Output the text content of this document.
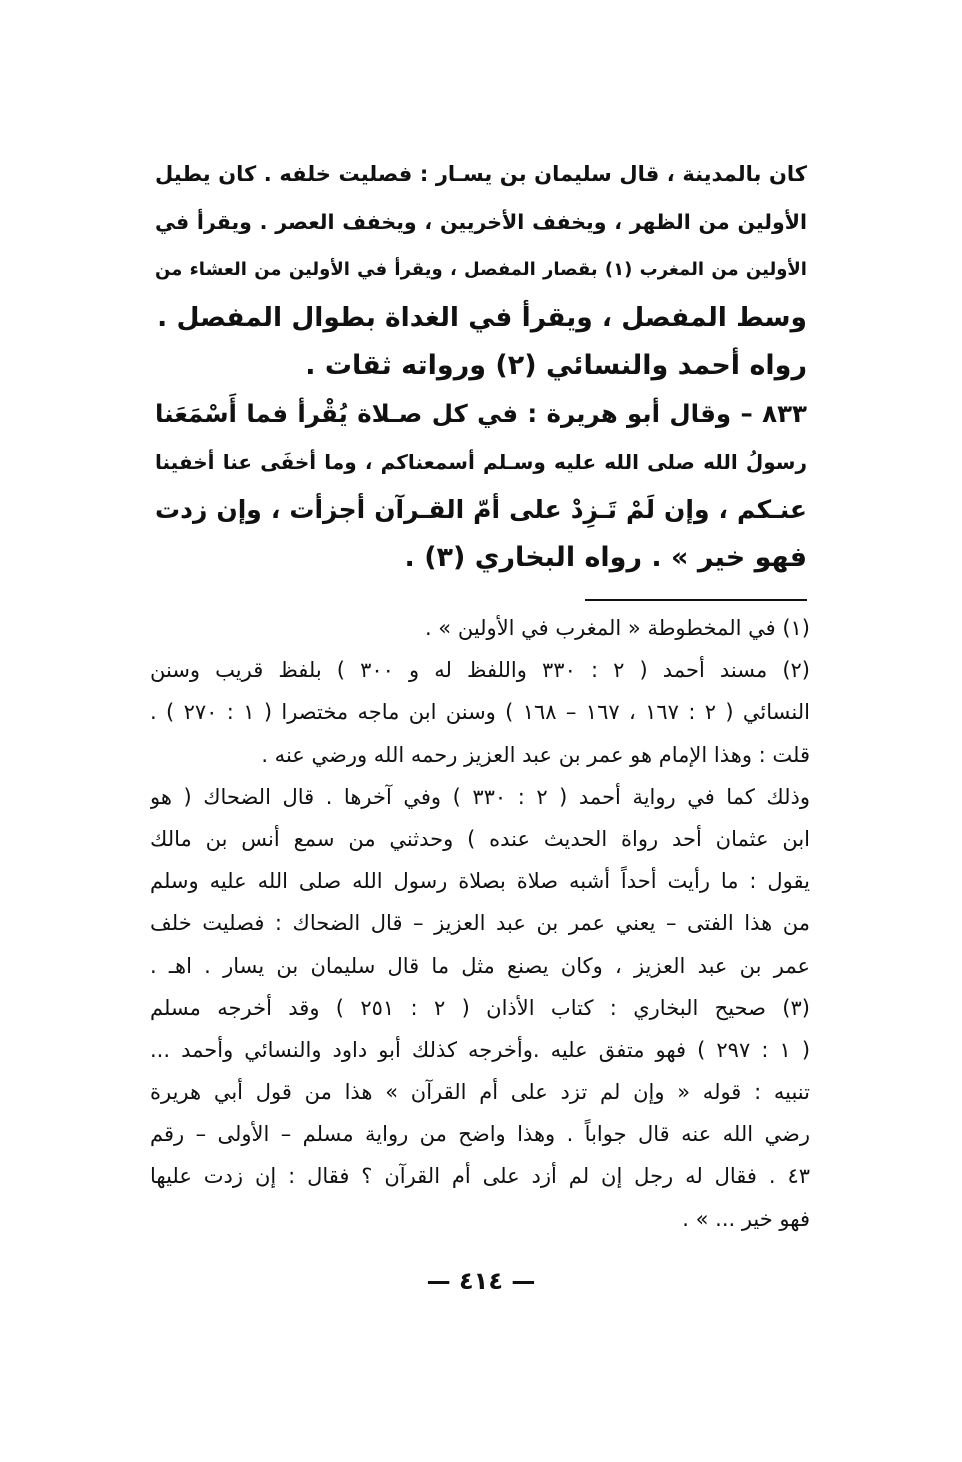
كان بالمدينة ، قال سليمان بن يسـار : فصليت خلفه . كان يطيل
الأولين من الظهر ، ويخفف الأخريين ، ويخفف العصر . ويقرأ في
الأولين من المغرب (١) بقصار المفصل ، ويقرأ في الأولين من العشاء من
وسط المفصل ، ويقرأ في الغداة بطوال المفصل .
رواه أحمد والنسائي (٢) ورواته ثقات .
٨٣٣ – وقال أبو هريرة : في كل صـلاة يُقْرأ فما أَسْمَعَنا
رسولُ الله صلى الله عليه وسـلم أسمعناكم ، وما أخفَى عنا أخفينا
عنـكم ، وإن لَمْ تَـزِدْ على أمّ القـرآن أجزأت ، وإن زدت
فهو خير » . رواه البخاري (٣) .
(١) في المخطوطة « المغرب في الأولين » .
(٢) مسند أحمد ( ٢ : ٣٣٠ واللفظ له و ٣٠٠ ) بلفظ قريب وسنن
النسائي ( ٢ : ١٦٧ ، ١٦٧ – ١٦٨ ) وسنن ابن ماجه مختصرا ( ١ : ٢٧٠ ) .
قلت : وهذا الإمام هو عمر بن عبد العزيز رحمه الله ورضي عنه .
وذلك كما في رواية أحمد ( ٢ : ٣٣٠ ) وفي آخرها . قال الضحاك ( هو
ابن عثمان أحد رواة الحديث عنده ) وحدثني من سمع أنس بن مالك
يقول : ما رأيت أحداً أشبه صلاة بصلاة رسول الله صلى الله عليه وسلم
من هذا الفتى – يعني عمر بن عبد العزيز – قال الضحاك : فصليت خلف
عمر بن عبد العزيز ، وكان يصنع مثل ما قال سليمان بن يسار . اهـ .
(٣) صحيح البخاري : كتاب الأذان ( ٢ : ٢٥١ ) وقد أخرجه مسلم
( ١ : ٢٩٧ ) فهو متفق عليه .وأخرجه كذلك أبو داود والنسائي وأحمد ...
تنبيه : قوله « وإن لم تزد على أم القرآن » هذا من قول أبي هريرة
رضي الله عنه قال جواباً . وهذا واضح من رواية مسلم – الأولى – رقم
٤٣ . فقال له رجل إن لم أزد على أم القرآن ؟ فقال : إن زدت عليها
فهو خير ... » .
— ٤١٤ —
